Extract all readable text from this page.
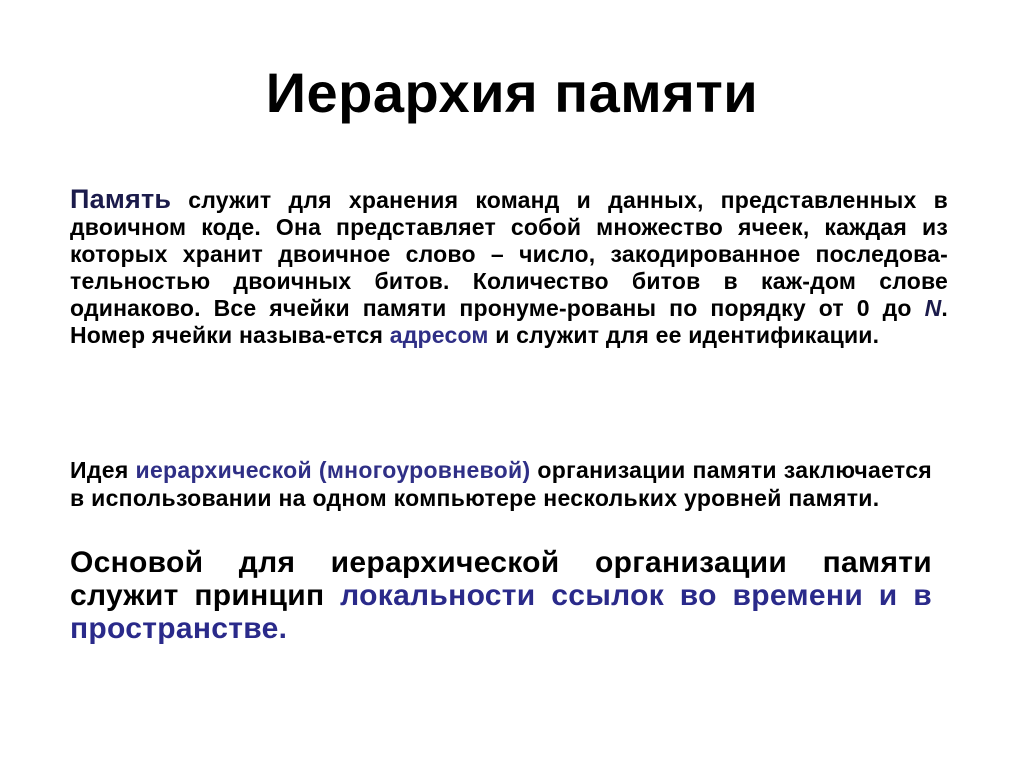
Иерархия памяти
Память служит для хранения команд и данных, представленных в двоичном коде. Она представляет собой множество ячеек, каждая из которых хранит двоичное слово – число, закодированное последова-тельностью двоичных битов. Количество битов в каж-дом слове одинаково. Все ячейки памяти пронуме-рованы по порядку от 0 до N. Номер ячейки называ-ется адресом и служит для ее идентификации.
Идея иерархической (многоуровневой) организации памяти заключается в использовании на одном компьютере нескольких уровней памяти.
Основой для иерархической организации памяти служит принцип локальности ссылок во времени и в пространстве.
